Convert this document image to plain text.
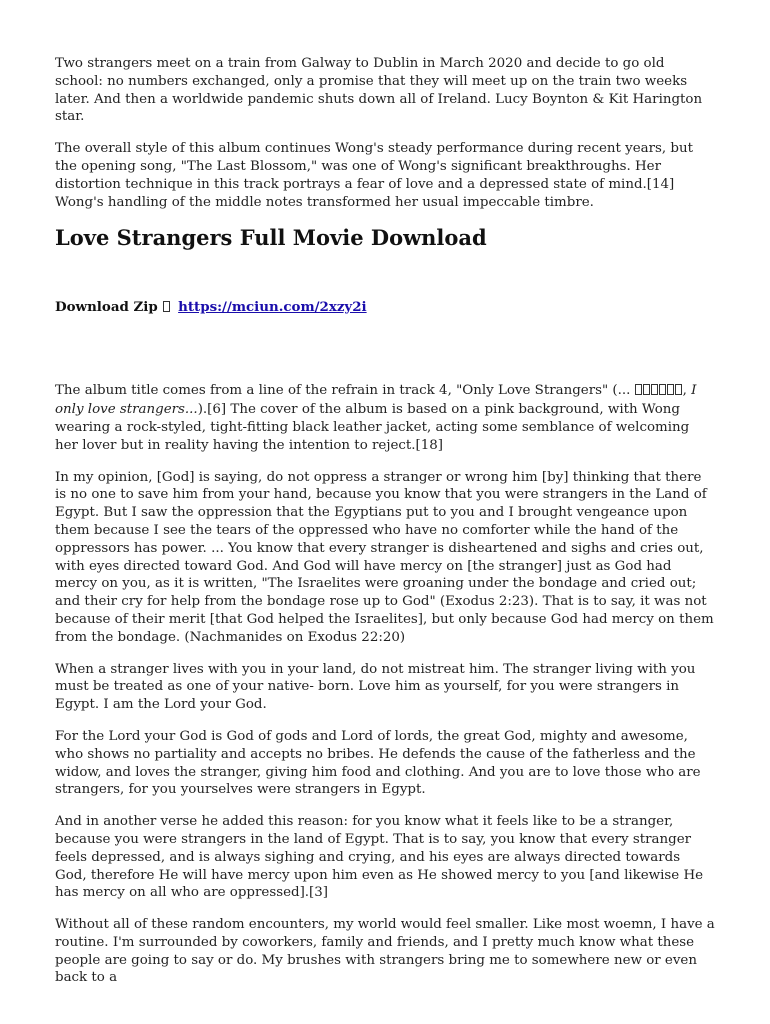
Two strangers meet on a train from Galway to Dublin in March 2020 and decide to go old school: no numbers exchanged, only a promise that they will meet up on the train two weeks later. And then a worldwide pandemic shuts down all of Ireland. Lucy Boynton & Kit Harington star.

The overall style of this album continues Wong's steady performance during recent years, but the opening song, "The Last Blossom," was one of Wong's significant breakthroughs. Her distortion technique in this track portrays a fear of love and a depressed state of mind.[14] Wong's handling of the middle notes transformed her usual impeccable timbre.

Love Strangers Full Movie Download
Download Zip https://mciun.com/2xzy2i

The album title comes from a line of the refrain in track 4, "Only Love Strangers" (...	, I only love strangers...).[6] The cover of the album is based on a pink background, with Wong wearing a rock-styled, tight-fitting black leather jacket, acting some semblance of welcoming her lover but in reality having the intention to reject.[18]

In my opinion, [God] is saying, do not oppress a stranger or wrong him [by] thinking that there is no one to save him from your hand, because you know that you were strangers in the Land of Egypt. But I saw the oppression that the Egyptians put to you and I brought vengeance upon them because I see the tears of the oppressed who have no comforter while the hand of the oppressors has power. ... You know that every stranger is disheartened and sighs and cries out, with eyes directed toward God. And God will have mercy on [the stranger] just as God had mercy on you, as it is written, "The Israelites were groaning under the bondage and cried out; and their cry for help from the bondage rose up to God" (Exodus 2:23). That is to say, it was not because of their merit [that God helped the Israelites], but only because God had mercy on them from the bondage. (Nachmanides on Exodus 22:20)

When a stranger lives with you in your land, do not mistreat him. The stranger living with you must be treated as one of your native- born. Love him as yourself, for you were strangers in Egypt. I am the Lord your God.

For the Lord your God is God of gods and Lord of lords, the great God, mighty and awesome, who shows no partiality and accepts no bribes. He defends the cause of the fatherless and the widow, and loves the stranger, giving him food and clothing. And you are to love those who are strangers, for you yourselves were strangers in Egypt.

And in another verse he added this reason: for you know what it feels like to be a stranger, because you were strangers in the land of Egypt. That is to say, you know that every stranger feels depressed, and is always sighing and crying, and his eyes are always directed towards God, therefore He will have mercy upon him even as He showed mercy to you [and likewise He has mercy on all who are oppressed].[3]

Without all of these random encounters, my world would feel smaller. Like most woemn, I have a routine. I'm surrounded by coworkers, family and friends, and I pretty much know what these people are going to say or do. My brushes with strangers bring me to somewhere new or even back to a
